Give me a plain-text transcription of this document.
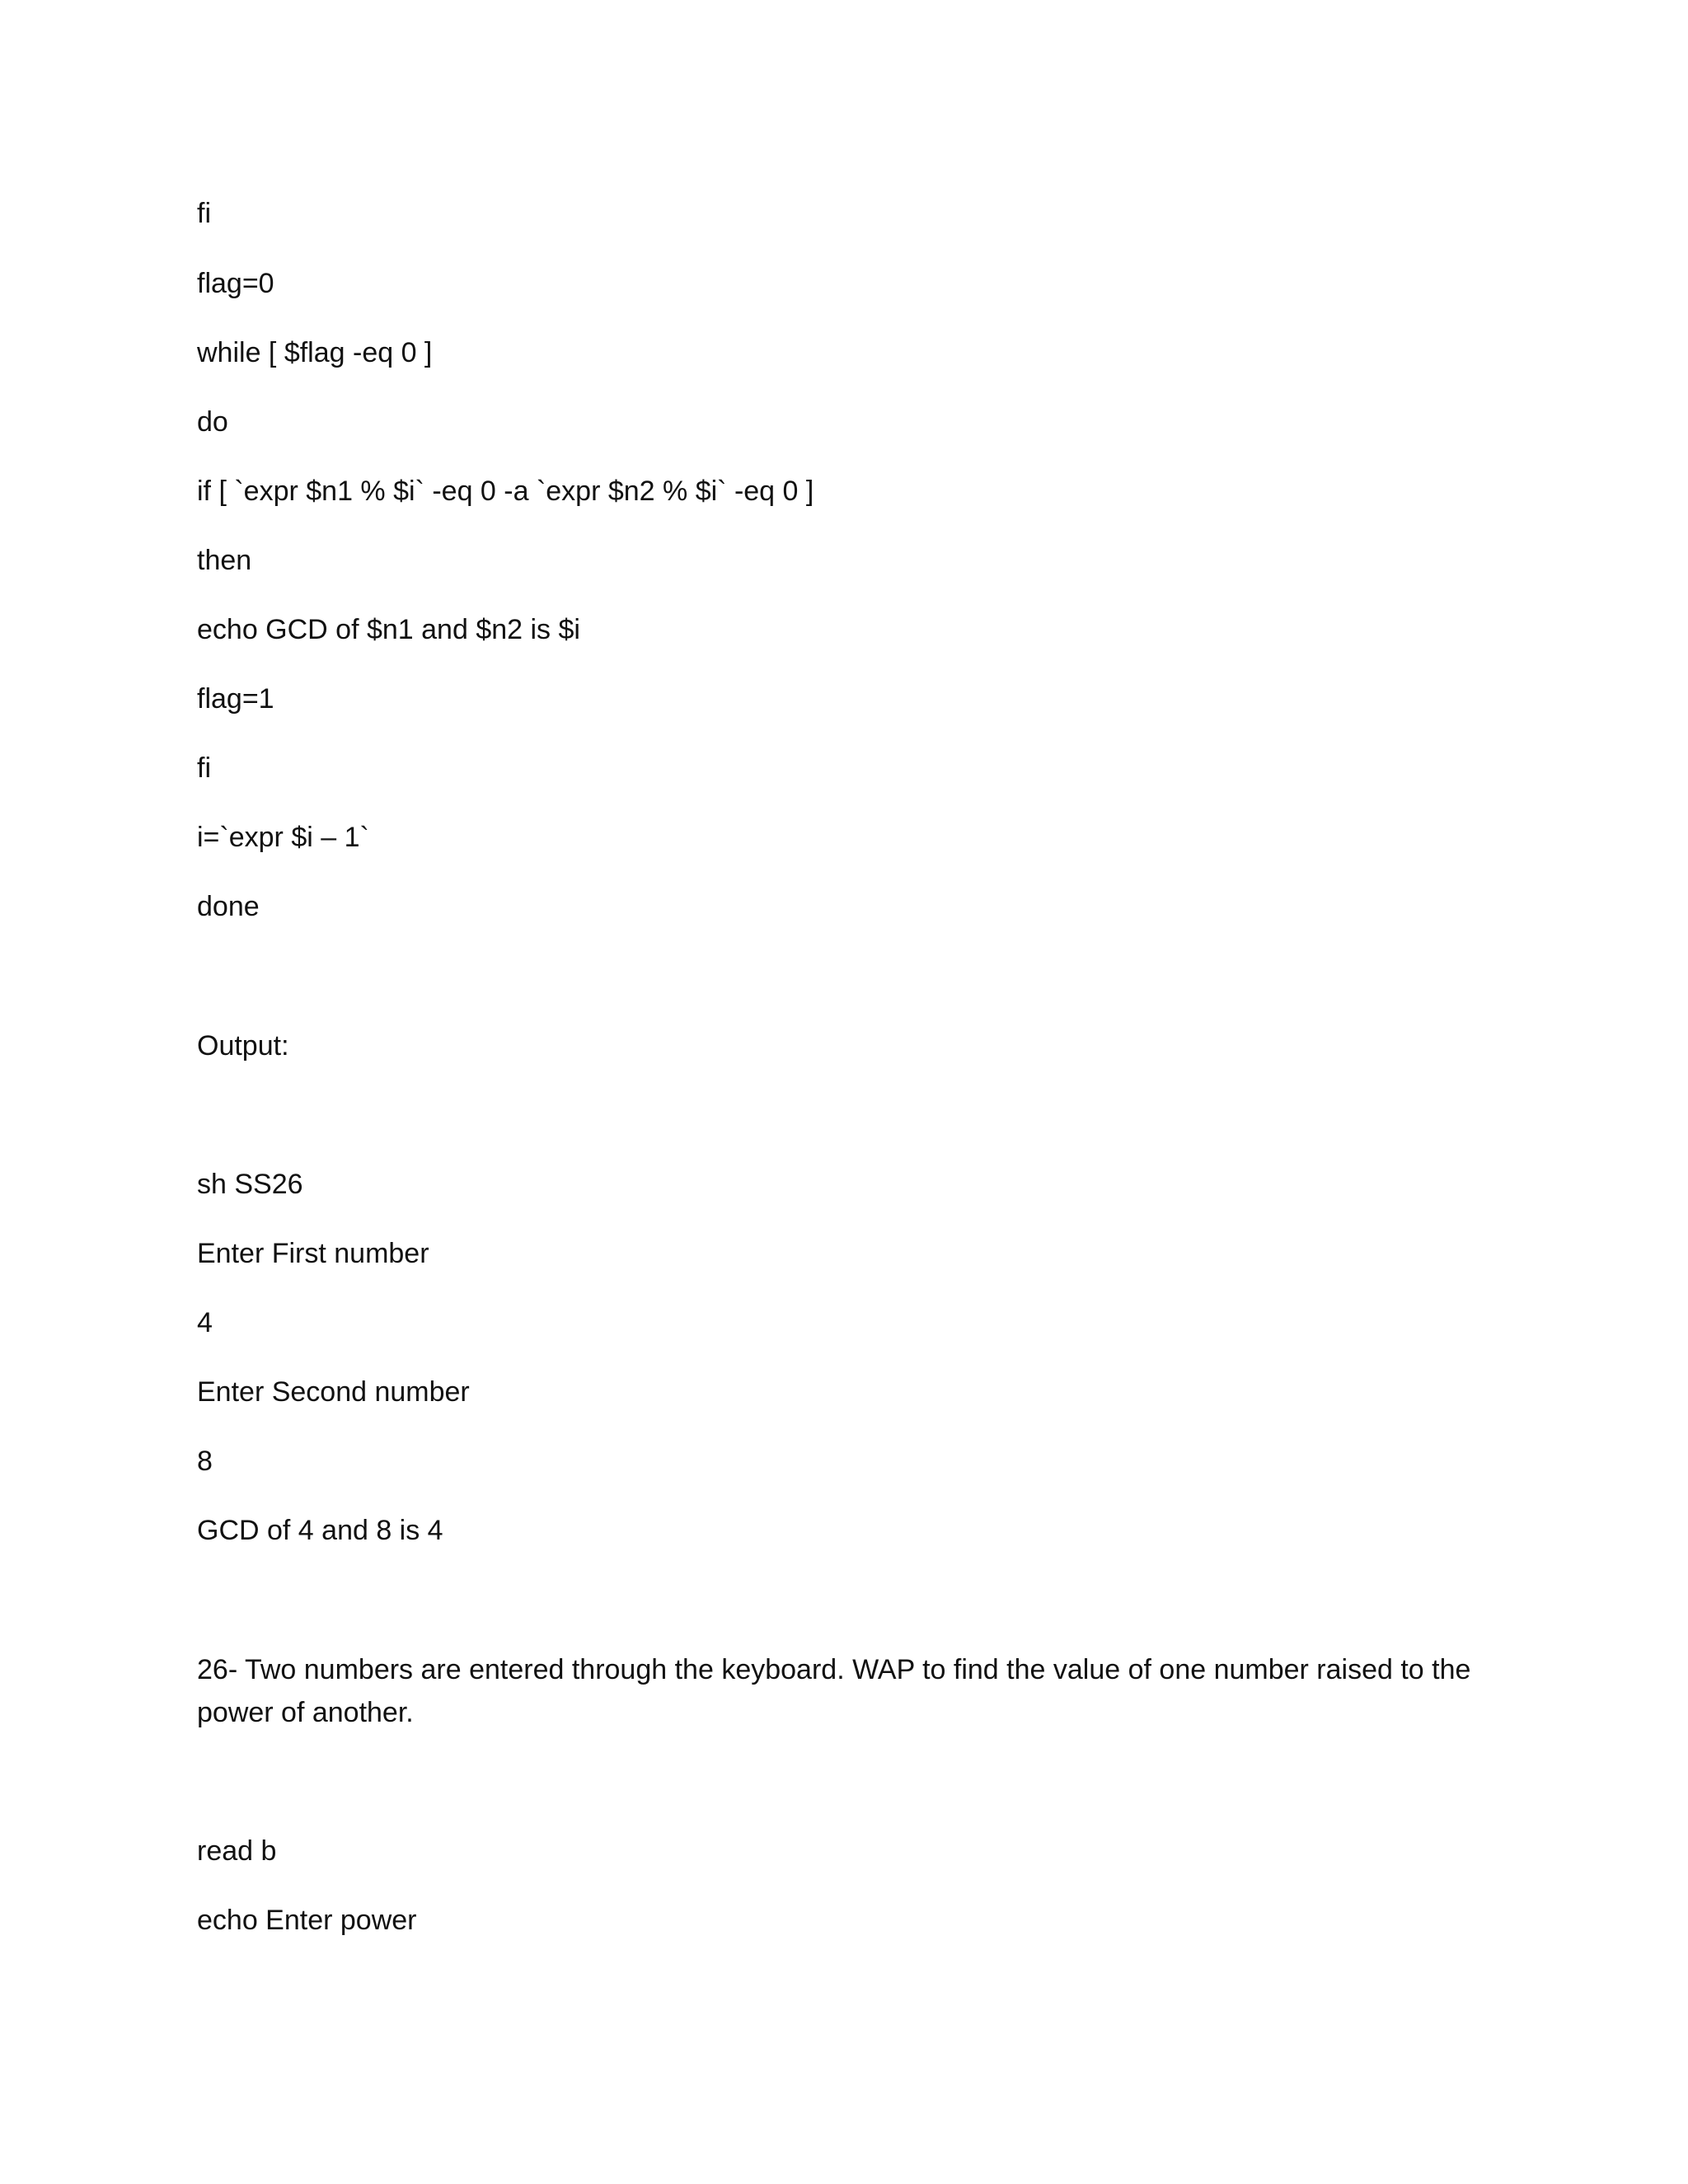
fi

flag=0

while [ $flag -eq 0 ]

do

if [ `expr $n1 % $i` -eq 0 -a `expr $n2 % $i` -eq 0 ]

then

echo GCD of $n1 and $n2 is $i

flag=1

fi

i=`expr $i – 1`

done

Output:

sh SS26

Enter First number

4

Enter Second number

8

GCD of 4 and 8 is 4

26- Two numbers are entered through the keyboard. WAP to find the value of one number raised to the power of another.

read b

echo Enter power
